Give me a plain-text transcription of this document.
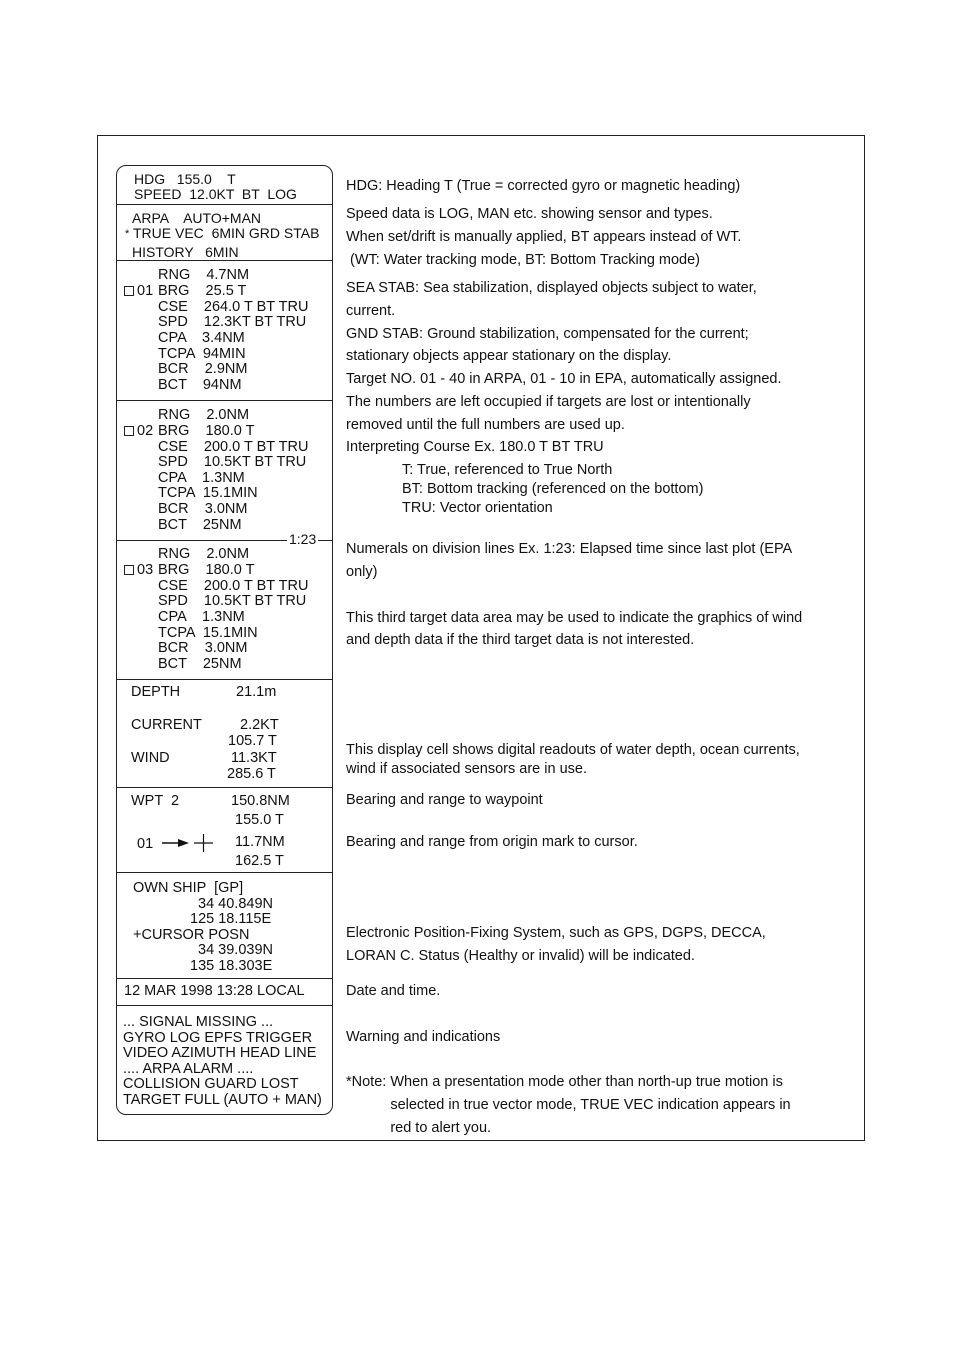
1:23
HDG   155.0    T
SPEED  12.0KT  BT  LOG
ARPA    AUTO+MAN
* TRUE VEC  6MIN GRD STAB
HISTORY   6MIN
01
RNG    4.7NM
BRG    25.5 T
CSE    264.0 T BT TRU
SPD    12.3KT BT TRU
CPA    3.4NM
TCPA  94MIN
BCR    2.9NM
BCT    94NM
02
RNG    2.0NM
BRG    180.0 T
CSE    200.0 T BT TRU
SPD    10.5KT BT TRU
CPA    1.3NM
TCPA  15.1MIN
BCR    3.0NM
BCT    25NM
03
RNG    2.0NM
BRG    180.0 T
CSE    200.0 T BT TRU
SPD    10.5KT BT TRU
CPA    1.3NM
TCPA  15.1MIN
BCR    3.0NM
BCT    25NM
DEPTH	21.1m
CURRENT	2.2KT
105.7 T
WIND	11.3KT
285.6 T
WPT  2	150.8NM
155.0 T
01	11.7NM
162.5 T
OWN SHIP  [GP]
34 40.849N
125 18.115E
+CURSOR POSN
34 39.039N
135 18.303E
12 MAR 1998 13:28 LOCAL
... SIGNAL MISSING ...
GYRO LOG EPFS TRIGGER
VIDEO AZIMUTH HEAD LINE
.... ARPA ALARM ....
COLLISION GUARD LOST
TARGET FULL (AUTO + MAN)
HDG: Heading T (True = corrected gyro or magnetic heading)
Speed data is LOG, MAN etc. showing sensor and types.
When set/drift is manually applied, BT appears instead of WT.
(WT: Water tracking mode, BT: Bottom Tracking mode)
SEA STAB: Sea stabilization, displayed objects subject to water,
current.
GND STAB: Ground stabilization, compensated for the current;
stationary objects appear stationary on the display.
Target NO. 01 - 40 in ARPA, 01 - 10 in EPA, automatically assigned.
The numbers are left occupied if targets are lost or intentionally
removed until the full numbers are used up.
Interpreting Course Ex. 180.0 T BT TRU
T: True, referenced to True North
BT: Bottom tracking (referenced on the bottom)
TRU: Vector orientation
Numerals on division lines Ex. 1:23: Elapsed time since last plot (EPA
only)
This third target data area may be used to indicate the graphics of wind
and depth data if the third target data is not interested.
This display cell shows digital readouts of water depth, ocean currents,
wind if associated sensors are in use.
Bearing and range to waypoint
Bearing and range from origin mark to cursor.
Electronic Position-Fixing System, such as GPS, DGPS, DECCA,
LORAN C. Status (Healthy or invalid) will be indicated.
Date and time.
Warning and indications
*Note: When a presentation mode other than north-up true motion is
selected in true vector mode, TRUE VEC indication appears in
red to alert you.
